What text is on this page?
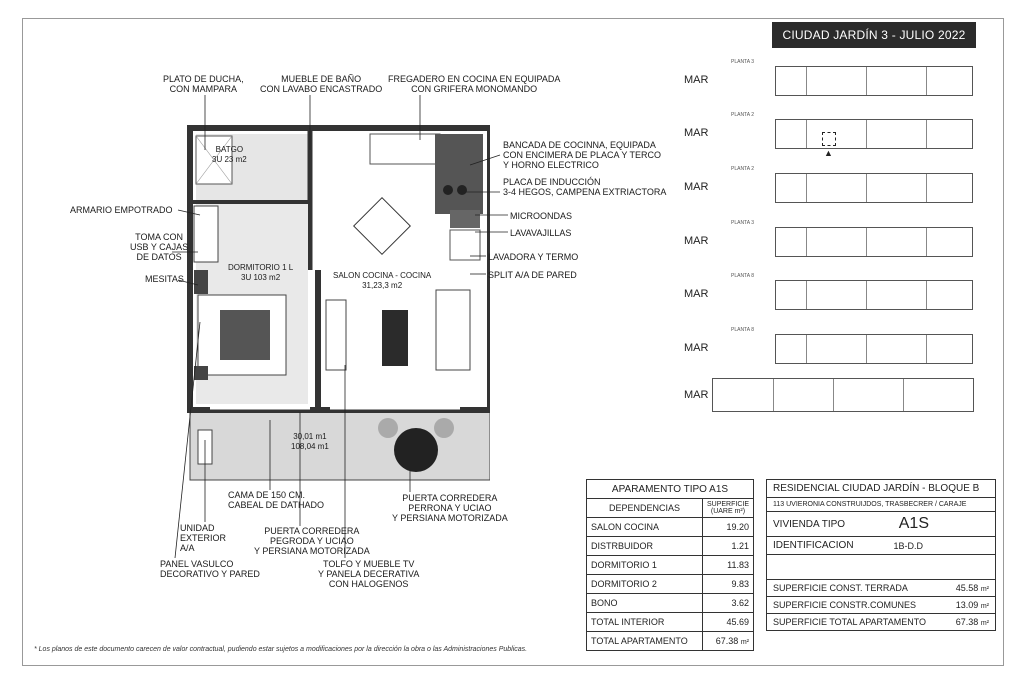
CIUDAD JARDÍN 3 - JULIO 2022
BATGO
3U 23 m2
DORMITORIO 1 L
3U 103 m2	SALON COCINA - COCINA
31,23,3 m2
30,01 m1
108,04 m1
PLATO DE DUCHA,
CON MAMPARA
MUEBLE DE BAÑO
CON LAVABO ENCASTRADO
FREGADERO EN COCINA EN EQUIPADA
CON GRIFERA MONOMANDO
BANCADA DE COCINNA, EQUIPADA
CON ENCIMERA DE PLACA Y TERCO
Y HORNO ELECTRICO
PLACA DE INDUCCIÓN
3-4 HEGOS, CAMPENA EXTRIACTORA
ARMARIO EMPOTRADO
MICROONDAS
LAVAVAJILLAS
TOMA CON
USB Y CAJAS
DE DATOS	LAVADORA Y TERMO
SPLIT A/A DE PARED
MESITAS
CAMA DE 150 CM.
CABEAL DE DATHADO
UNIDAD
EXTERIOR
A/A
PANEL VASULCO
DECORATIVO Y PARED
PUERTA CORREDERA
PEGRODA Y UCIAO
Y PERSIANA MOTORIZADA
PUERTA CORREDERA
PERRONA Y UCIAO
Y PERSIANA MOTORIZADA
TOLFO Y MUEBLE TV
Y PANELA DECERATIVA
CON HALOGENOS
MAR
PLANTA 3
MAR
PLANTA 2
▲
MAR
PLANTA 2
MAR
PLANTA 3
MAR
PLANTA 8
MAR
PLANTA 8
MAR
APARAMENTO TIPO A1S	
DEPENDENCIAS	SUPERFICIE
(UARE m²)
SALON COCINA	19.20
DISTRBUIDOR	1.21
DORMITORIO 1	11.83
DORMITORIO 2	9.83
BONO	3.62
TOTAL INTERIOR	45.69
TOTAL APARTAMENTO	67.38 m²
RESIDENCIAL CIUDAD JARDÍN - BLOQUE B
113 UVIERONIA CONSTRUIJDOS, TRASBECRER / CARAJE
VIVIENDA TIPO	A1S
IDENTIFICACION	1B-D.D
SUPERFICIE CONST. TERRADA	45.58 m²
SUPERFICIE CONSTR.COMUNES	13.09 m²
SUPERFICIE TOTAL APARTAMENTO	67.38 m²
* Los planos de este documento carecen de valor contractual, pudiendo estar sujetos a modificaciones por la dirección la obra o las Administraciones Publicas.
